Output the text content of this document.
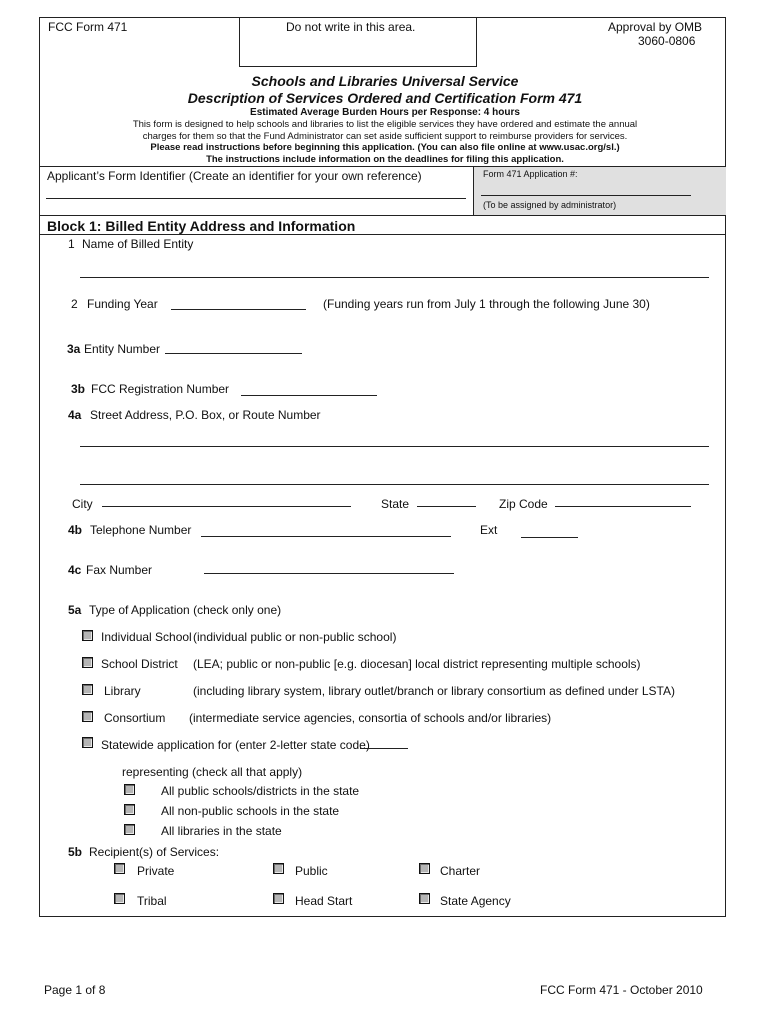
FCC Form 471	Do not write in this area.	Approval by OMB
3060-0806
Schools and Libraries Universal Service
Description of Services Ordered and Certification Form 471
Estimated Average Burden Hours per Response: 4 hours
This form is designed to help schools and libraries to list the eligible services they have ordered and estimate the annual
charges for them so that the Fund Administrator can set aside sufficient support to reimburse providers for services.
Please read instructions before beginning this application. (You can also file online at www.usac.org/sl.)
The instructions include information on the deadlines for filing this application.
Applicant’s Form Identifier (Create an identifier for your own reference)	Form 471 Application #:
(To be assigned by administrator)
Block 1: Billed Entity Address and Information
1 Name of Billed Entity
2 Funding Year	(Funding years run from July 1 through the following June 30)
3a Entity Number
3b FCC Registration Number
4a Street Address, P.O. Box, or Route Number
City	State	Zip Code
4b Telephone Number	Ext
4c Fax Number
5a Type of Application (check only one)
Individual School (individual public or non-public school)
School District (LEA; public or non-public [e.g. diocesan] local district representing multiple schools)
Library	(including library system, library outlet/branch or library consortium as defined under LSTA)
Consortium (intermediate service agencies, consortia of schools and/or libraries)
Statewide application for (enter 2-letter state code)
representing (check all that apply)
All public schools/districts in the state
All non-public schools in the state
All libraries in the state
5b Recipient(s) of Services:
Private	Public	Charter
Tribal	Head Start	State Agency
Page 1 of 8	FCC Form 471 - October 2010
